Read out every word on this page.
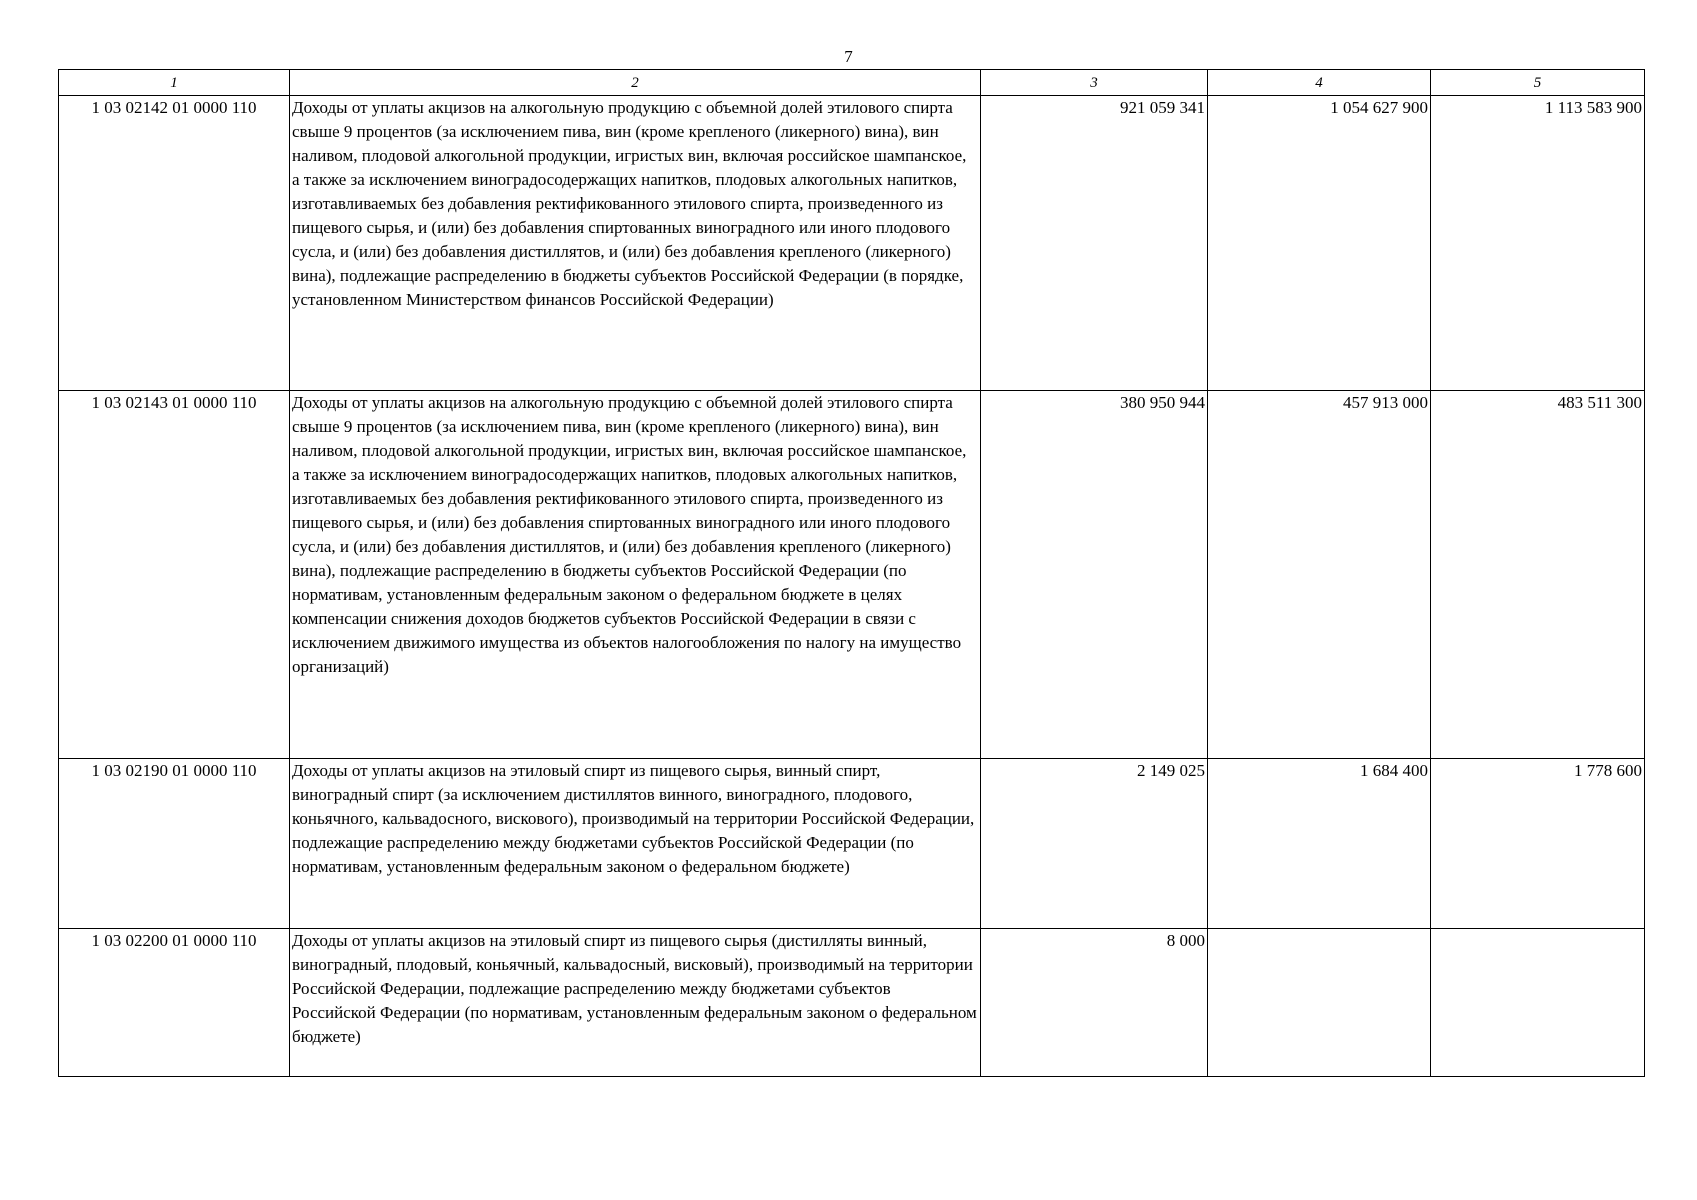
7
1	2	3	4	5
1 03 02142 01 0000 110	Доходы от уплаты акцизов на алкогольную продукцию с объемной долей этилового спирта свыше 9 процентов (за исключением пива, вин (кроме крепленого (ликерного) вина), вин наливом, плодовой алкогольной продукции, игристых вин, включая российское шампанское, а также за исключением виноградосодержащих напитков, плодовых алкогольных напитков, изготавливаемых без добавления ректификованного этилового спирта, произведенного из пищевого сырья, и (или) без добавления спиртованных виноградного или иного плодового сусла, и (или) без добавления дистиллятов, и (или) без добавления крепленого (ликерного) вина), подлежащие распределению в бюджеты субъектов Российской Федерации (в порядке, установленном Министерством финансов Российской Федерации)	921 059 341	1 054 627 900	1 113 583 900
1 03 02143 01 0000 110	Доходы от уплаты акцизов на алкогольную продукцию с объемной долей этилового спирта свыше 9 процентов (за исключением пива, вин (кроме крепленого (ликерного) вина), вин наливом, плодовой алкогольной продукции, игристых вин, включая российское шампанское, а также за исключением виноградосодержащих напитков, плодовых алкогольных напитков, изготавливаемых без добавления ректификованного этилового спирта, произведенного из пищевого сырья, и (или) без добавления спиртованных виноградного или иного плодового сусла, и (или) без добавления дистиллятов, и (или) без добавления крепленого (ликерного) вина), подлежащие распределению в бюджеты субъектов Российской Федерации (по нормативам, установленным федеральным законом о федеральном бюджете в целях компенсации снижения доходов бюджетов субъектов Российской Федерации в связи с исключением движимого имущества из объектов налогообложения по налогу на имущество организаций)	380 950 944	457 913 000	483 511 300
1 03 02190 01 0000 110	Доходы от уплаты акцизов на этиловый спирт из пищевого сырья, винный спирт, виноградный спирт (за исключением дистиллятов винного, виноградного, плодового, коньячного, кальвадосного, вискового), производимый на территории Российской Федерации, подлежащие распределению между бюджетами субъектов Российской Федерации (по нормативам, установленным федеральным законом о федеральном бюджете)	2 149 025	1 684 400	1 778 600
1 03 02200 01 0000 110	Доходы от уплаты акцизов на этиловый спирт из пищевого сырья (дистилляты винный, виноградный, плодовый, коньячный, кальвадосный, висковый), производимый на территории Российской Федерации, подлежащие распределению между бюджетами субъектов Российской Федерации (по нормативам, установленным федеральным законом о федеральном бюджете)	8 000		
